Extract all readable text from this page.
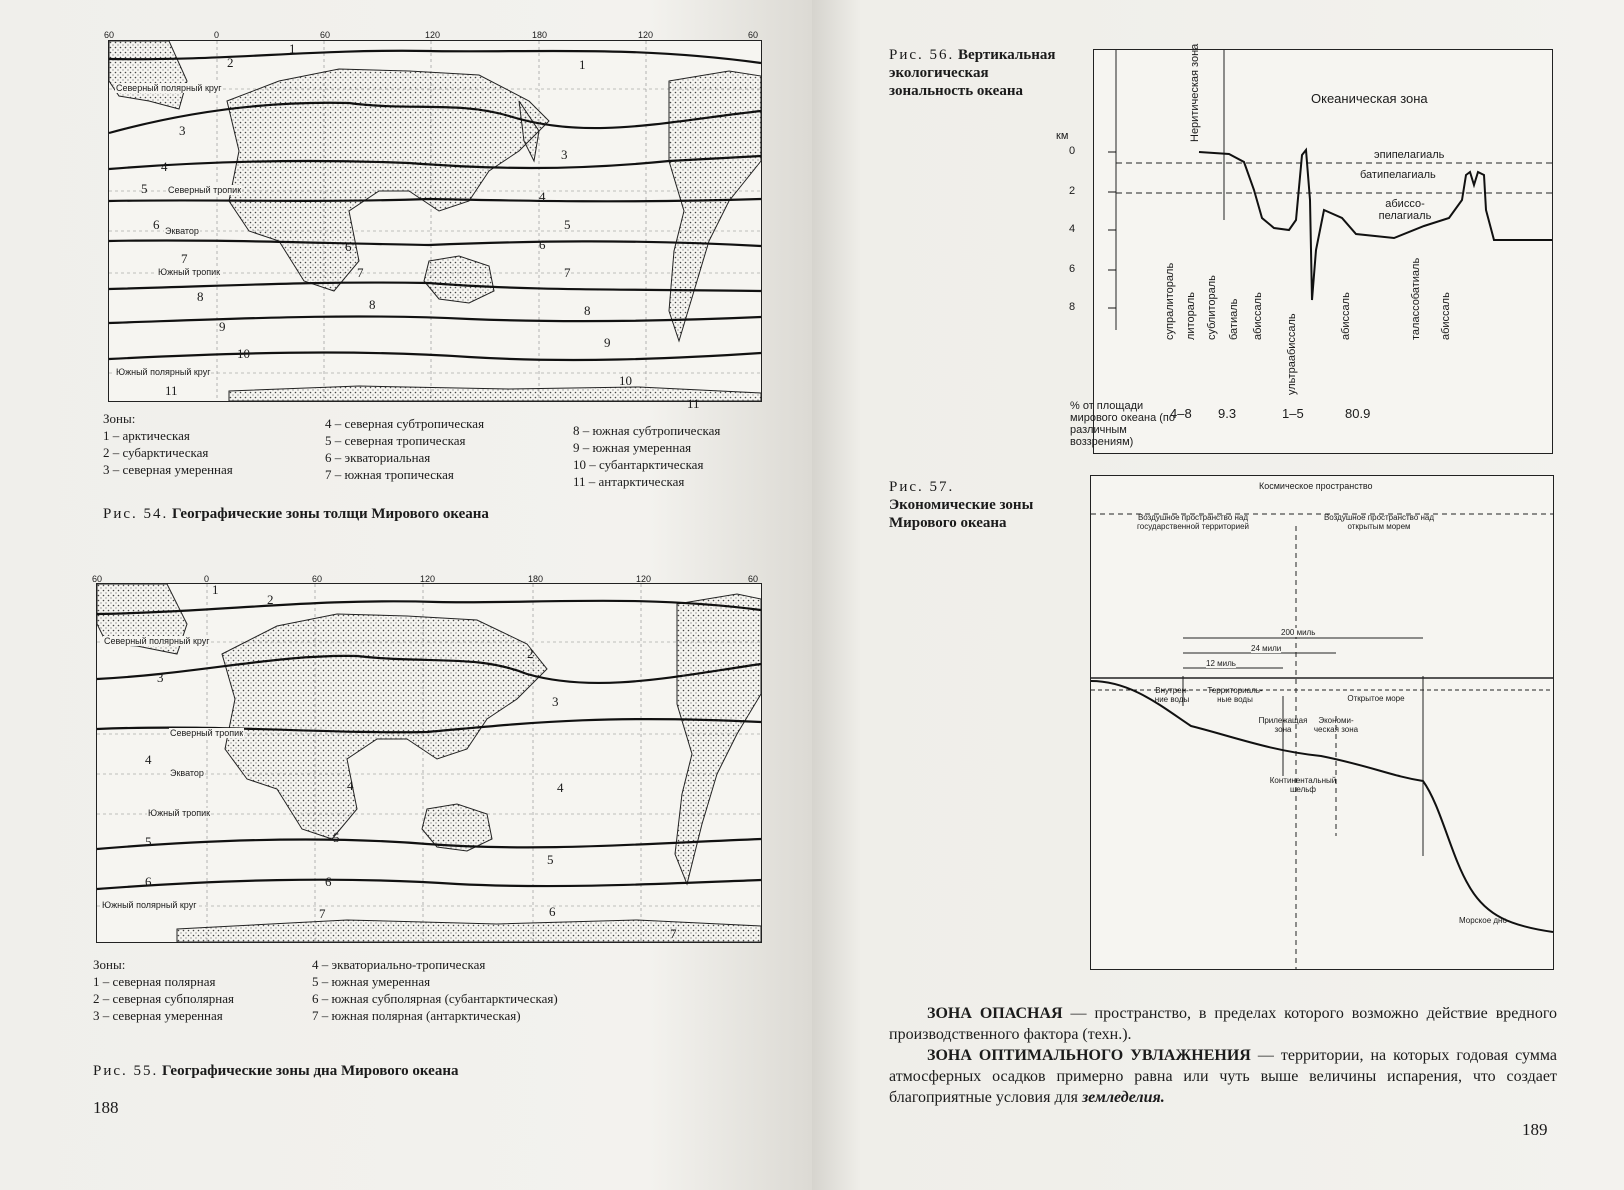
Северный полярный круг
Северный тропик
Экватор
Южный тропик
Южный полярный круг
1
1
2
3
3
4
4
5
5
6
6	6
7
7	7
8
8	8
9
9
10
10
11
11
60	0	60	120	180	120	60
Зоны:
1 – арктическая
2 – субарктическая
3 – северная умеренная
4 – северная субтропическая
5 – северная тропическая
6 – экваториальная
7 – южная тропическая
8 – южная субтропическая
9 – южная умеренная
10 – субантарктическая
11 – антарктическая
Рис. 54. Географические зоны толщи Мирового океана
Северный полярный круг
Северный тропик
Экватор
Южный тропик
Южный полярный круг
1
2
2
3
3
4
4	4
5	5
5
6	6
6
7
7
60	0	60	120	180	120	60
Зоны:
1 – северная полярная
2 – северная субполярная
3 – северная умеренная
4 – экваториально-тропическая
5 – южная умеренная
6 – южная субполярная (субантарктическая)
7 – южная полярная (антарктическая)
Рис. 55. Географические зоны дна Мирового океана
188
Рис. 56. Вертикальная экологическая зональность океана
км
0
2
4
6
8
Неритическая зона	Океаническая зона
эпипелагиаль
батипелагиаль
абиссо-пелагиаль
супралитораль литораль сублитораль батиаль абиссаль ультраабиссаль	абиссаль	талассобатиаль абиссаль
% от площади мирового океана (по различным воззрениям)
4–8 9.3	1–5	80.9
Рис. 57. Экономические зоны Мирового океана
Космическое пространство
Воздушное пространство над государственной территорией
Воздушное пространство над открытым морем
200 миль
24 мили
12 миль
Внутрен-ние воды
Территориаль-ные воды	Открытое море
Прилежащая зона
Экономи-ческая зона
Континентальный шельф
Морское дно

ЗОНА ОПАСНАЯ — пространство, в пределах которого возможно действие вредного производственного фактора (техн.).

ЗОНА ОПТИМАЛЬНОГО УВЛАЖНЕНИЯ — территории, на которых годовая сумма атмосферных осадков примерно равна или чуть выше величины испарения, что создает благоприятные условия для земледелия.

189
